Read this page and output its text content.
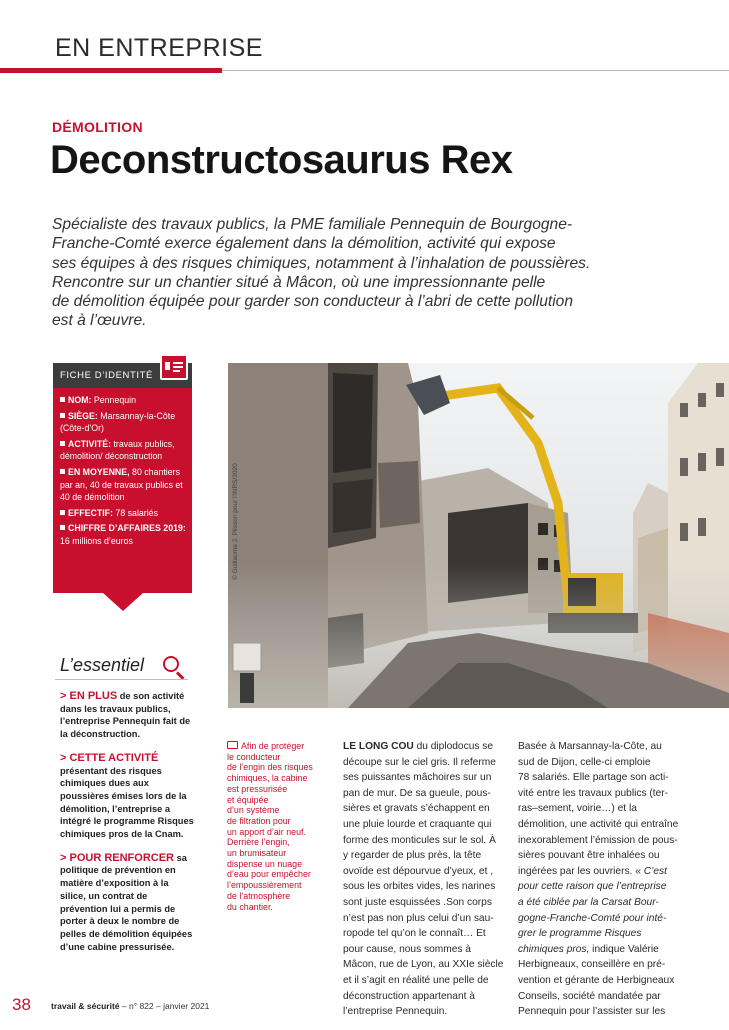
EN ENTREPRISE
DÉMOLITION
Deconstructosaurus Rex
Spécialiste des travaux publics, la PME familiale Pennequin de Bourgogne-
Franche-Comté exerce également dans la démolition, activité qui expose
ses équipes à des risques chimiques, notamment à l’inhalation de poussières.
Rencontre sur un chantier situé à Mâcon, où une impressionnante pelle
de démolition équipée pour garder son conducteur à l’abri de cette pollution
est à l’œuvre.
FICHE D’IDENTITÉ
NOM: Pennequin
SIÈGE: Marsannay-la-Côte (Côte-d’Or)
ACTIVITÉ: travaux publics, démolition/ déconstruction
EN MOYENNE, 80 chantiers par an, 40 de travaux publics et 40 de démolition
EFFECTIF: 78 salariés
CHIFFRE D’AFFAIRES 2019: 16 millions d’euros	© Guillaume J. Plisson pour l’INRS/2020
L’essentiel

> EN PLUS de son activité dans les travaux publics, l’entreprise Pennequin fait de la déconstruction.

> CETTE ACTIVITÉ présentant des risques chimiques dues aux poussières émises lors de la démolition, l’entreprise a intégré le programme Risques chimiques pros de la Cnam.

> POUR RENFORCER sa politique de prévention en matière d’exposition à la silice, un contrat de prévention lui a permis de porter à deux le nombre de pelles de démolition équipées d’une cabine pressurisée.

Afin de protéger
le conducteur
de l’engin des risques
chimiques, la cabine
est pressurisée
et équipée
d’un système
de filtration pour
un apport d’air neuf.
Derrière l’engin,
un brumisateur
dispense un nuage
d’eau pour empêcher
l’empoussièrement
de l’atmosphère
du chantier.
LE LONG COU du diplodocus se
découpe sur le ciel gris. Il referme
ses puissantes mâchoires sur un
pan de mur. De sa gueule, pous-
sières et gravats s’échappent en
une pluie lourde et craquante qui
forme des monticules sur le sol. À
y regarder de plus près, la tête
ovoïde est dépourvue d’yeux, et ,
sous les orbites vides, les narines
sont juste esquissées .Son corps
n’est pas non plus celui d’un sau-
ropode tel qu’on le connaît… Et
pour cause, nous sommes à
Mâcon, rue de Lyon, au XXIe siècle
et il s’agit en réalité une pelle de
déconstruction appartenant à
l’entreprise Pennequin.
Basée à Marsannay-la-Côte, au
sud de Dijon, celle-ci emploie
78 salariés. Elle partage son acti-
vité entre les travaux publics (ter-
ras–sement, voirie…) et la
démolition, une activité qui entraîne
inexorablement l’émission de pous-
sières pouvant être inhalées ou
ingérées par les ouvriers. « C’est
pour cette raison que l’entreprise
a été ciblée par la Carsat Bour-
gogne-Franche-Comté pour inté-
grer le programme Risques
chimiques pros, indique Valérie
Herbigneaux, conseillère en pré-
vention et gérante de Herbigneaux
Conseils, société mandatée par
Pennequin pour l’assister sur les
38 travail & sécurité – n° 822 – janvier 2021
